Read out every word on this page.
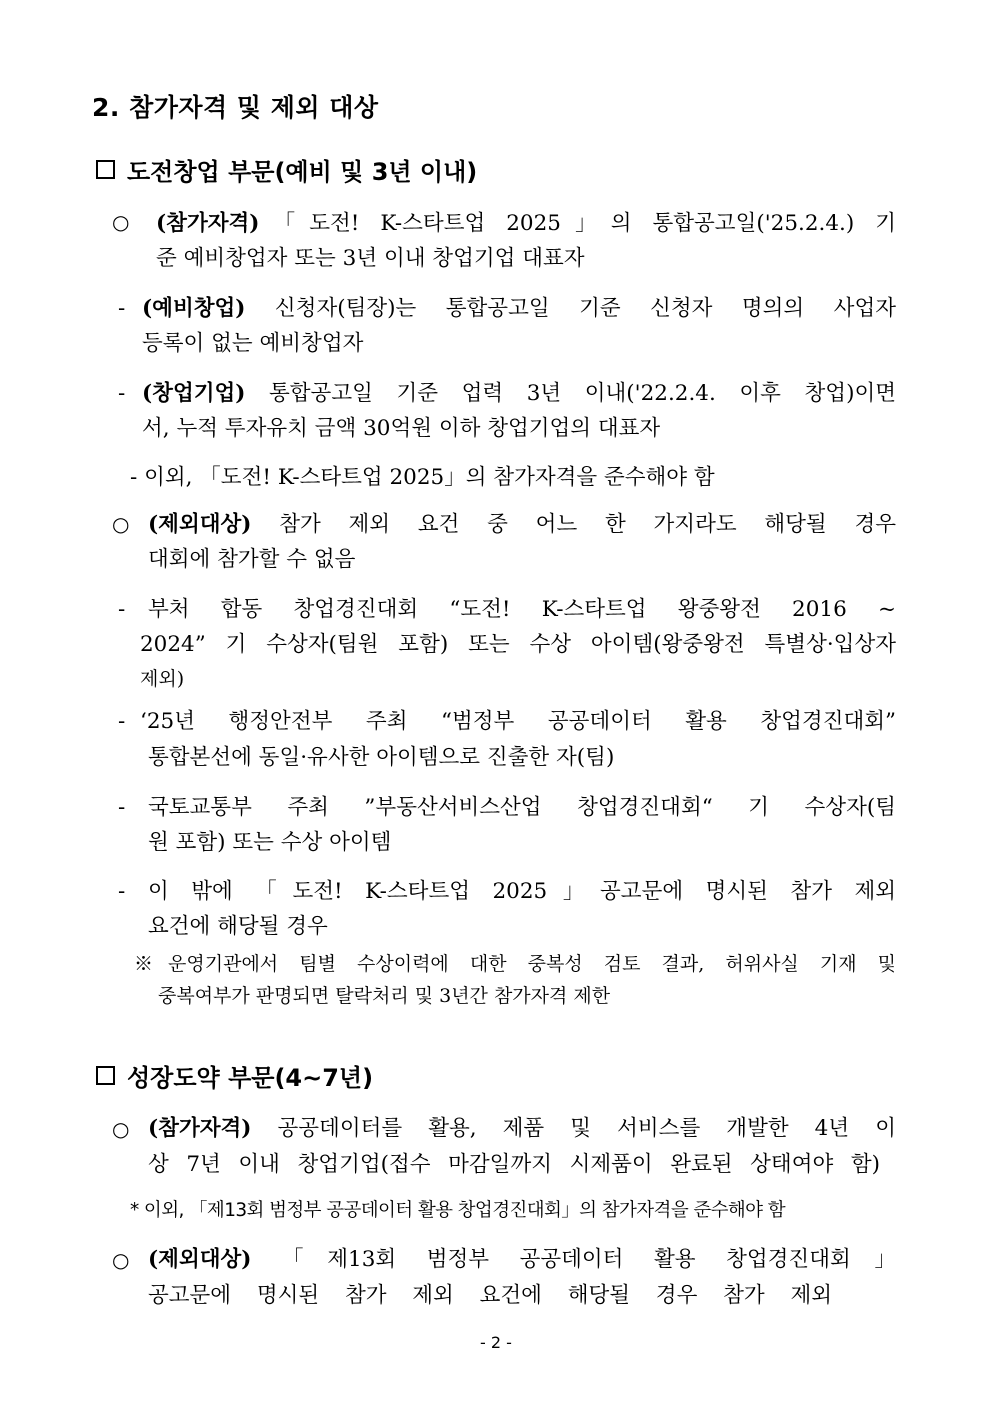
2. 참가자격 및 제외 대상
도전창업 부문(예비 및 3년 이내)
○ (참가자격)「도전! K-스타트업 2025」의 통합공고일('25.2.4.) 기
준 예비창업자 또는 3년 이내 창업기업 대표자
- (예비창업) 신청자(팀장)는 통합공고일 기준 신청자 명의의 사업자
등록이 없는 예비창업자
- (창업기업) 통합공고일 기준 업력 3년 이내('22.2.4. 이후 창업)이면
서, 누적 투자유치 금액 30억원 이하 창업기업의 대표자
- 이외, 「도전! K-스타트업 2025」의 참가자격을 준수해야 함
○ (제외대상) 참가 제외 요건 중 어느 한 가지라도 해당될 경우
대회에 참가할 수 없음
-	부처 합동 창업경진대회 “도전! K-스타트업 왕중왕전 2016 ~
2024” 기 수상자(팀원 포함) 또는 수상 아이템(왕중왕전 특별상·입상자
제외)
- ‘25년 행정안전부 주최 “범정부 공공데이터 활용 창업경진대회”
통합본선에 동일·유사한 아이템으로 진출한 자(팀)
-	국토교통부 주최 ”부동산서비스산업 창업경진대회“ 기 수상자(팀
원 포함) 또는 수상 아이템
-	이 밖에 「도전! K-스타트업 2025」공고문에 명시된 참가 제외
요건에 해당될 경우
※운영기관에서 팀별 수상이력에 대한 중복성 검토 결과, 허위사실 기재 및
중복여부가 판명되면 탈락처리 및 3년간 참가자격 제한
성장도약 부문(4~7년)
○ (참가자격) 공공데이터를 활용, 제품 및 서비스를 개발한 4년 이
상 7년 이내 창업기업(접수 마감일까지 시제품이 완료된 상태여야 함)
* 이외, 「제13회 범정부 공공데이터 활용 창업경진대회」의 참가자격을 준수해야 함
○ (제외대상) 「제13회 범정부 공공데이터 활용 창업경진대회」
공고문에 명시된 참가 제외 요건에 해당될 경우 참가 제외
- 2 -
